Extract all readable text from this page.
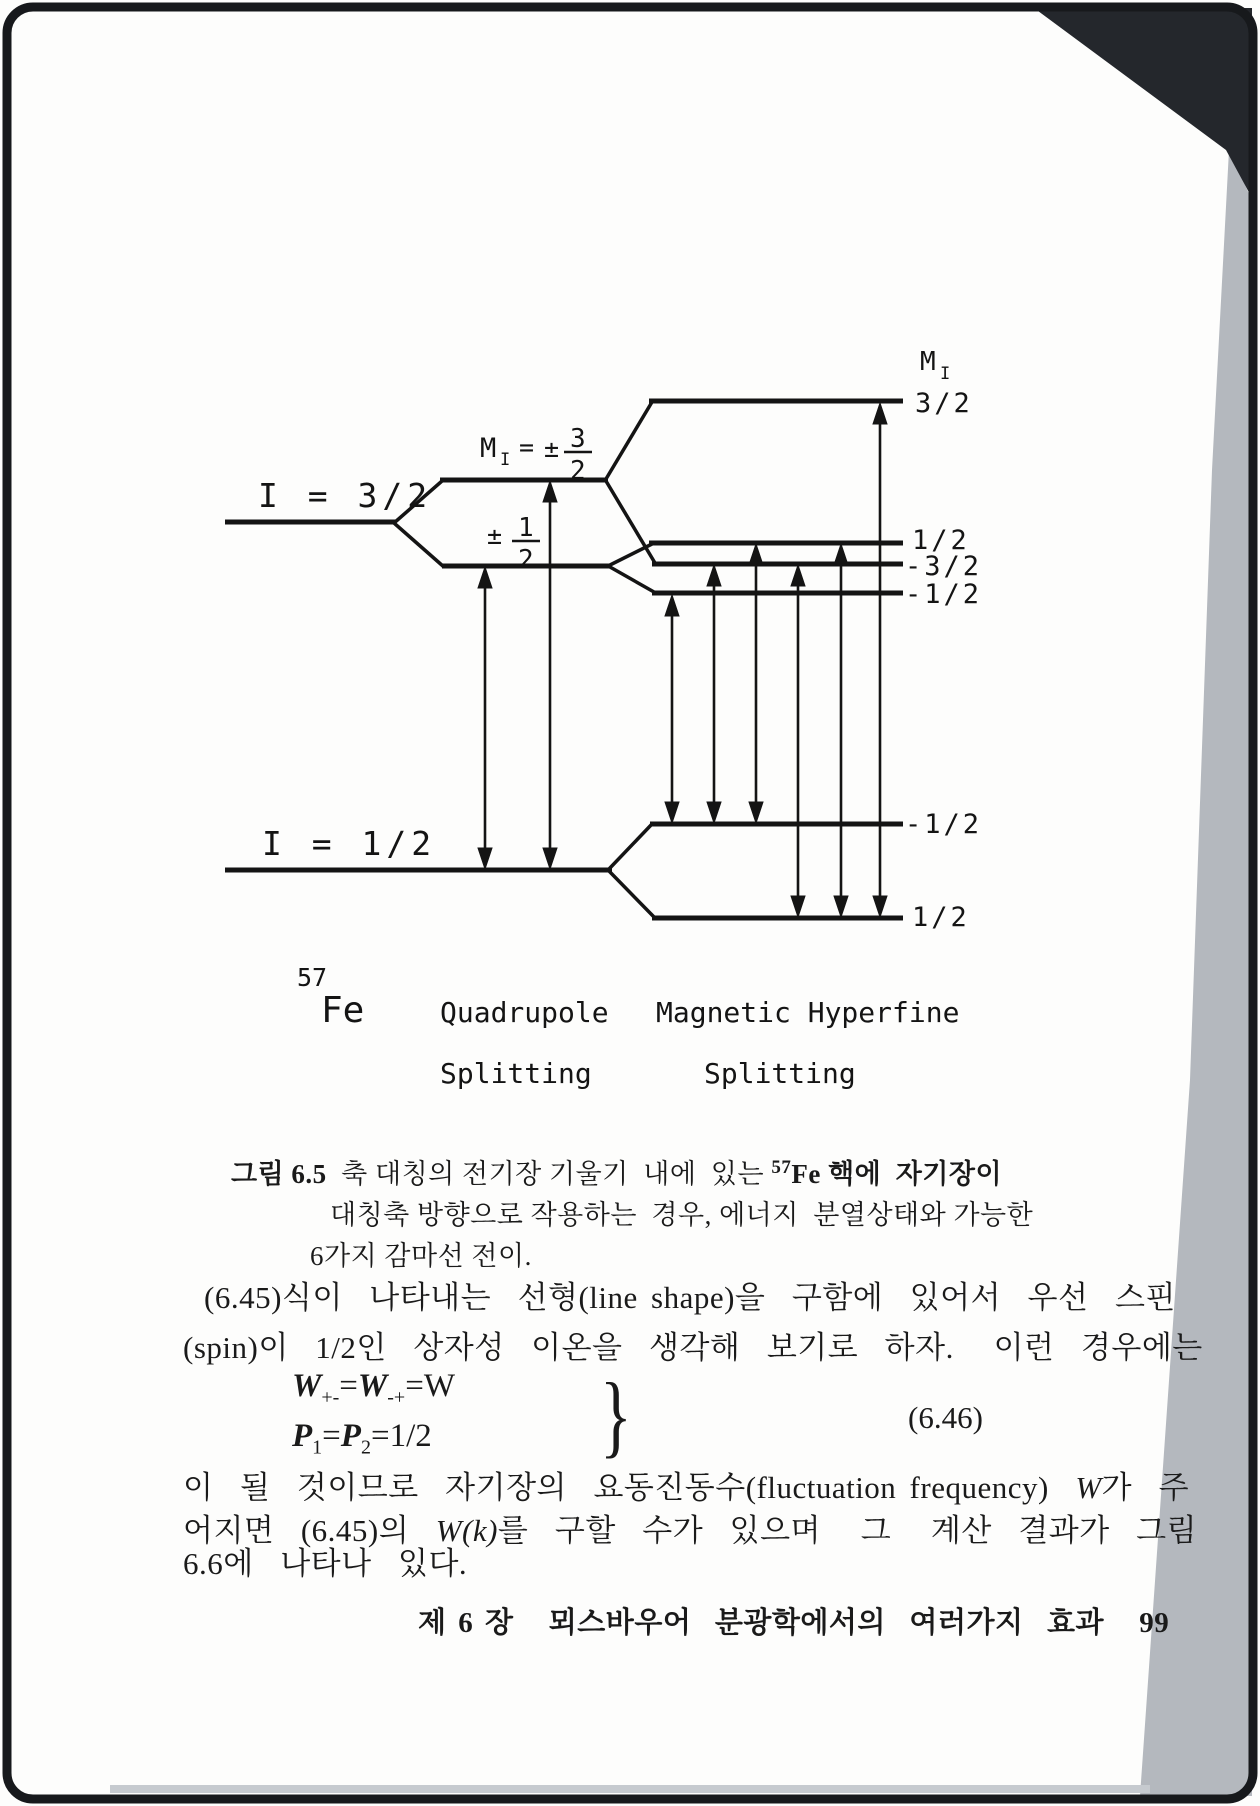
M I
3/2
1/2
-3/2
-1/2
-1/2
1/2
I = 3/2
I = 1/2
M I = ± 3
2
± 1
2
57
Fe	Quadrupole
Splitting
Magnetic Hyperfine
Splitting
그림 6.5  축 대칭의 전기장 기울기  내에  있는 $^{57}$Fe 핵에  자기장이
대칭축 방향으로 작용하는  경우, 에너지  분열상태와 가능한
6가지 감마선 전이.
(6.45)식이  나타내는  선형(line shape)을  구함에  있어서  우선  스핀
(spin)이  1/2인  상자성  이온을  생각해  보기로  하자.   이런  경우에는
$W_{+-}=W_{-+}=W$
$P_1=P_2=1/2$ }	(6.46)
이  될  것이므로  자기장의  요동진동수(fluctuation frequency)  W가  주
어지면  (6.45)의  W(k)를  구할  수가  있으며   그   계산  결과가  그림
6.6에  나타나  있다.
제 6 장   뫼스바우어  분광학에서의  여러가지  효과   99
